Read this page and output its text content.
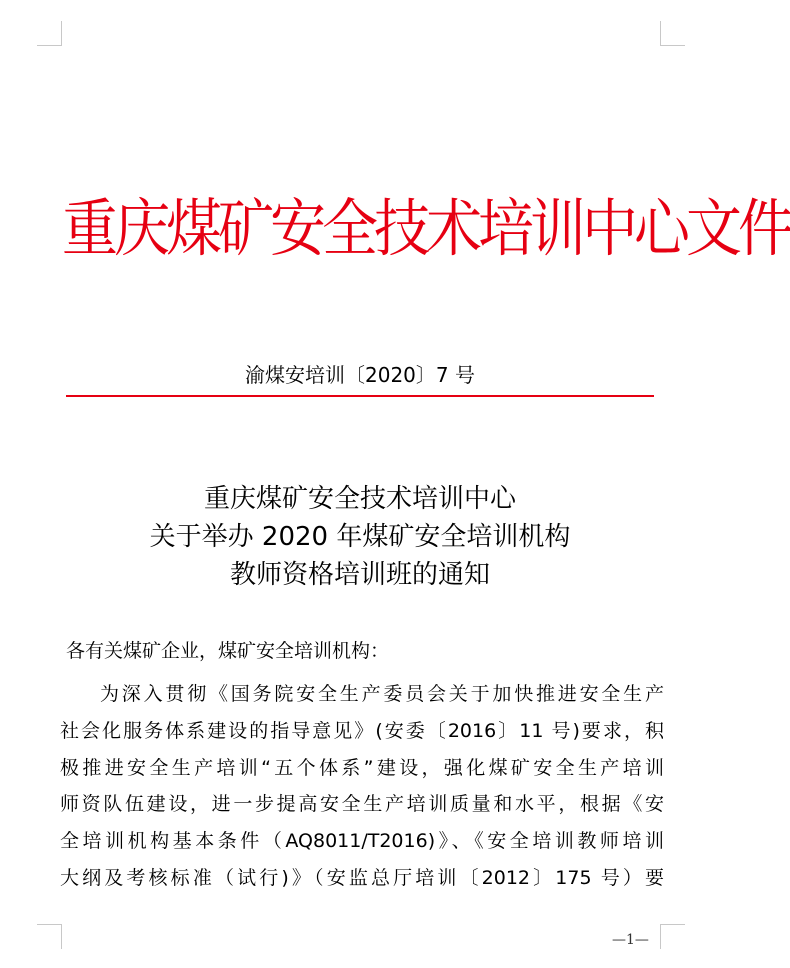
重庆煤矿安全技术培训中心文件
渝煤安培训〔2020〕7 号
重庆煤矿安全技术培训中心
关于举办 2020 年煤矿安全培训机构
教师资格培训班的通知
各有关煤矿企业，煤矿安全培训机构：
为深入贯彻《国务院安全生产委员会关于加快推进安全生产
社会化服务体系建设的指导意见》(安委〔2016〕11 号)要求，积
极推进安全生产培训“五个体系”建设，强化煤矿安全生产培训
师资队伍建设，进一步提高安全生产培训质量和水平，根据《安
全培训机构基本条件（AQ8011/T2016)》、《安全培训教师培训
大纲及考核标准（试行)》（安监总厅培训〔2012〕175 号）要
—1—
